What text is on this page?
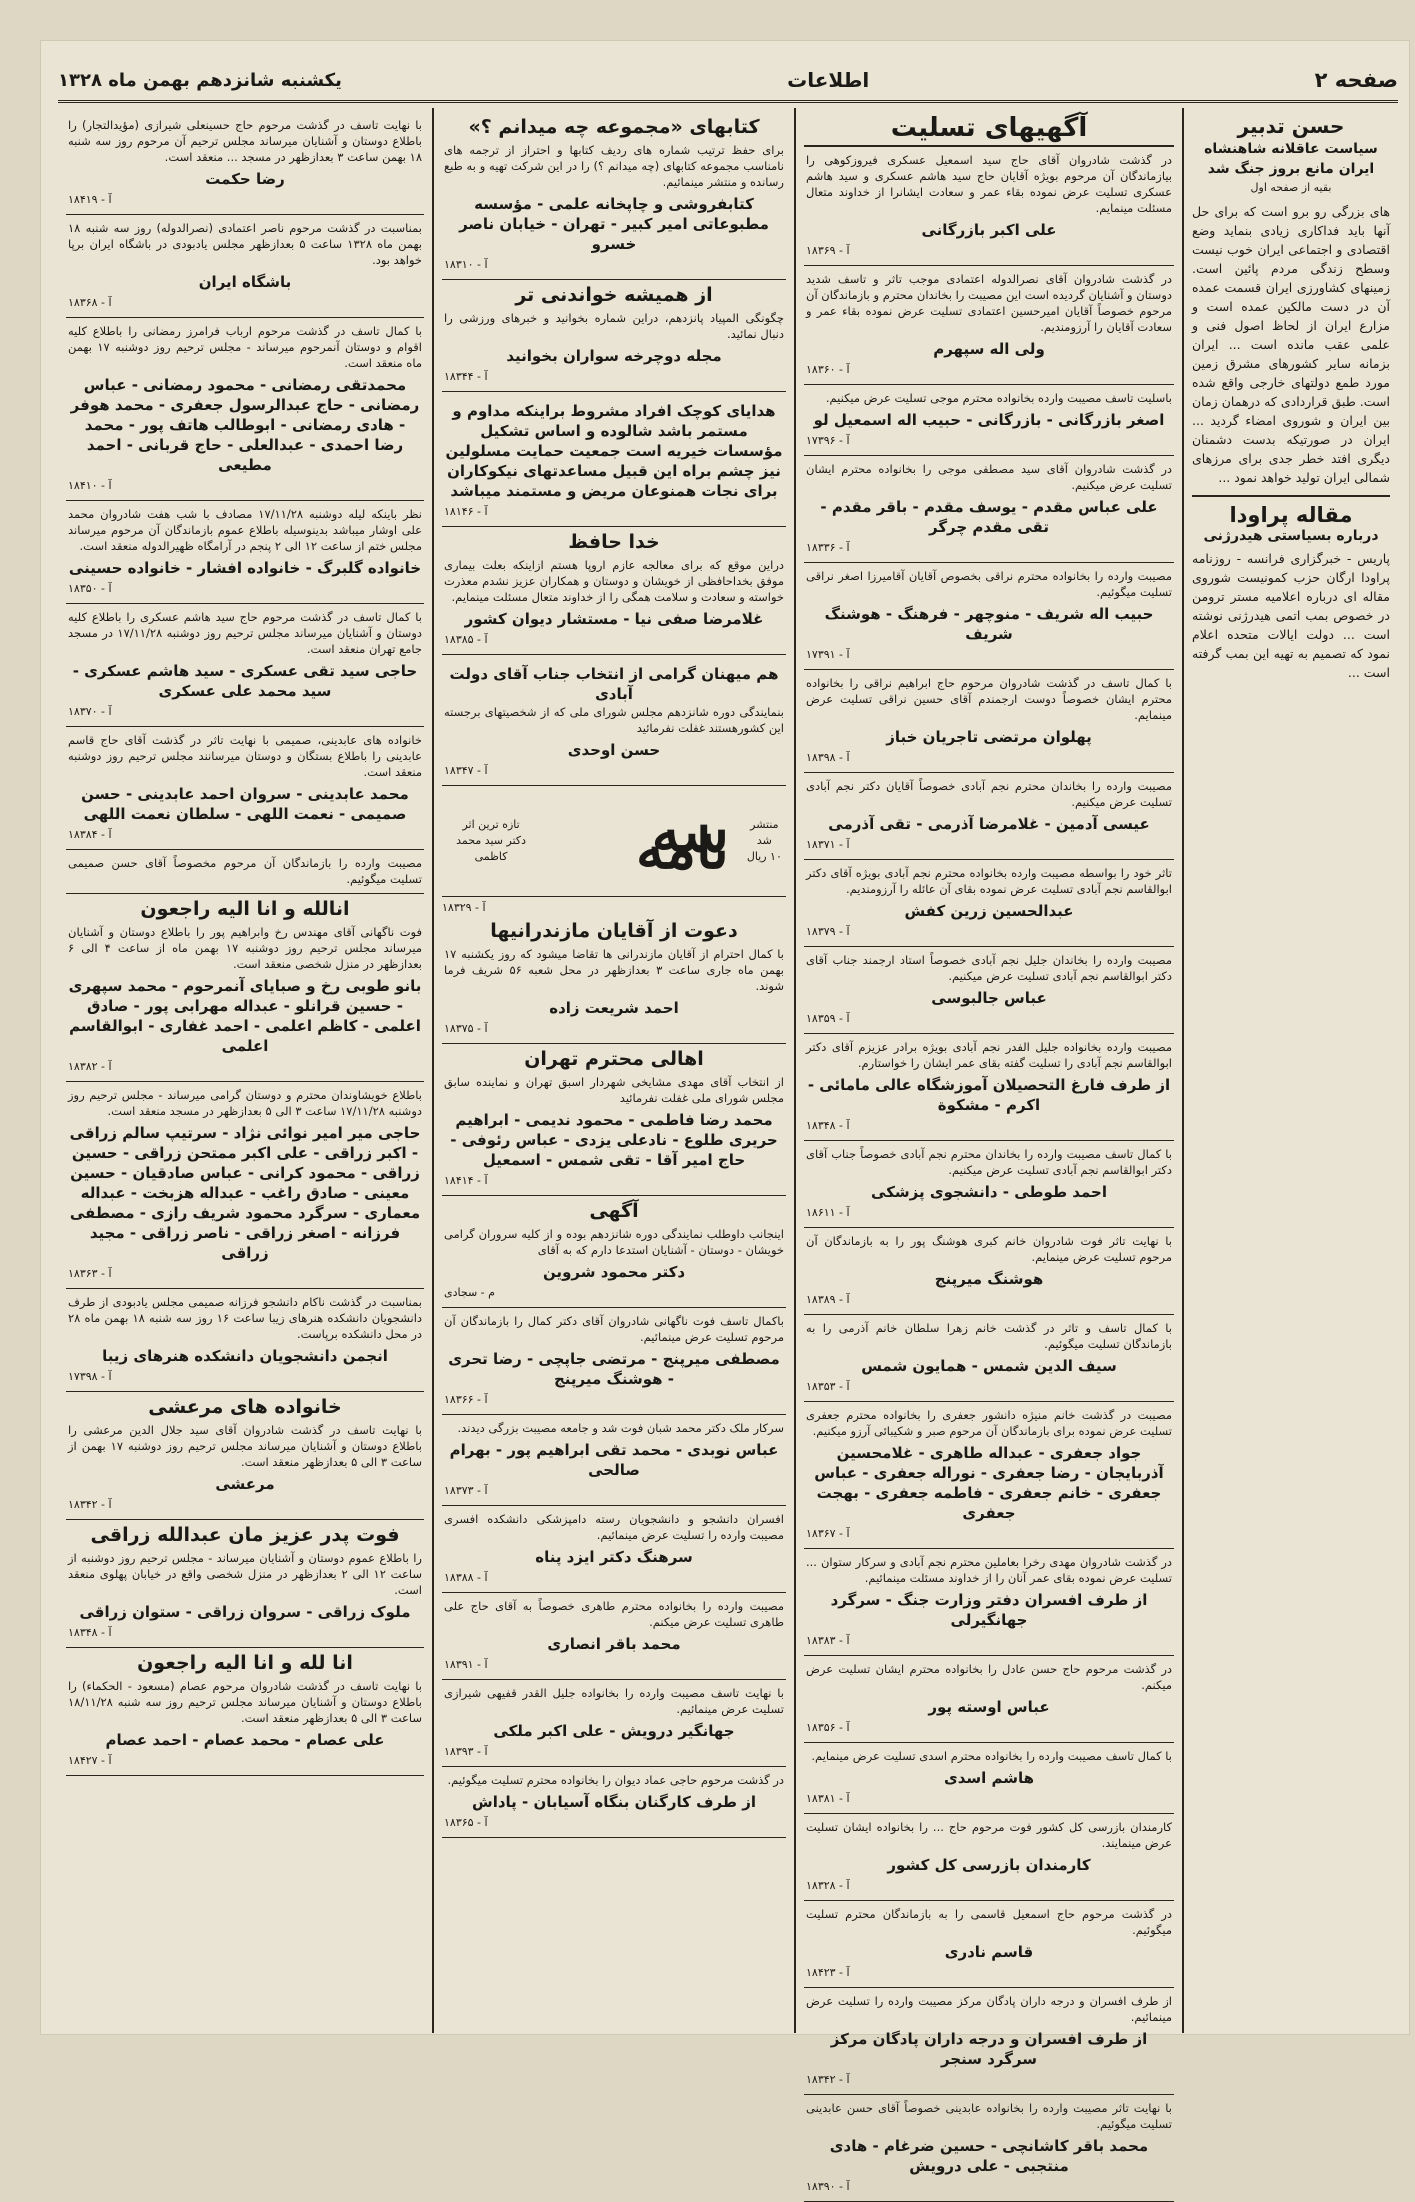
صفحه ۲
اطلاعات
یکشنبه شانزدهم بهمن ماه ۱۳۲۸
حسن تدبیر
سیاست عاقلانه شاهنشاه ایران مانع بروز جنگ شد
بقیه از صفحه اول
های بزرگی رو برو است که برای حل آنها باید فداکاری زیادی بنماید وضع اقتصادی و اجتماعی ایران خوب نیست وسطح زندگی مردم پائین است. زمینهای کشاورزی ایران قسمت عمده آن در دست مالکین عمده است و مزارع ایران از لحاظ اصول فنی و علمی عقب مانده است ... ایران بزمانه سایر کشورهای مشرق زمین مورد طمع دولتهای خارجی واقع شده است. طبق قراردادی که درهمان زمان بین ایران و شوروی امضاء گردید ... ایران در صورتیکه بدست دشمنان دیگری افتد خطر جدی برای مرزهای شمالی ایران تولید خواهد نمود ...
مقاله پراودا
درباره بسیاستی هیدرژنی
پاریس - خبرگزاری فرانسه - روزنامه پراودا ارگان حزب کمونیست شوروی مقاله ای درباره اعلامیه مستر ترومن در خصوص بمب اتمی هیدرژنی نوشته است ... دولت ایالات متحده اعلام نمود که تصمیم به تهیه این بمب گرفته است ...
آگهیهای تسلیت
در گذشت شادروان آقای حاج سید اسمعیل عسکری فیروزکوهی را بیازماندگان آن مرحوم بویژه آقایان حاج سید هاشم عسکری و سید هاشم عسکری تسلیت عرض نموده بقاء عمر و سعادت ایشانرا از خداوند متعال مسئلت مینمایم.
علی اکبر بازرگانی
آ - ۱۸۳۶۹
در گذشت شادروان آقای نصرالدوله اعتمادی موجب تاثر و تاسف شدید دوستان و آشنایان گردیده است این مصیبت را بخاندان محترم و بازماندگان آن مرحوم خصوصاً آقایان امیرحسین اعتمادی تسلیت عرض نموده بقاء عمر و سعادت آقایان را آرزومندیم.
ولی اله سپهرم
آ - ۱۸۳۶۰
باسلیت تاسف مصیبت وارده بخانواده محترم موجی تسلیت عرض میکنیم.
اصغر بازرگانی - بازرگانی - حبیب اله اسمعیل لو
آ - ۱۷۳۹۶
در گذشت شادروان آقای سید مصطفی موجی را بخانواده محترم ایشان تسلیت عرض میکنیم.
علی عباس مقدم - یوسف مقدم - باقر مقدم - تقی مقدم چرگر
آ - ۱۸۳۳۶
مصیبت وارده را بخانواده محترم نراقی بخصوص آقایان آقامیرزا اصغر نراقی تسلیت میگوئیم.
حبیب اله شریف - منوچهر - فرهنگ - هوشنگ شریف
آ - ۱۷۳۹۱
با کمال تاسف در گذشت شادروان مرحوم حاج ابراهیم نراقی را بخانواده محترم ایشان خصوصاً دوست ارجمندم آقای حسین نراقی تسلیت عرض مینمایم.
پهلوان مرتضی تاجریان خباز
آ - ۱۸۳۹۸
مصیبت وارده را بخاندان محترم نجم آبادی خصوصاً آقایان دکتر نجم آبادی تسلیت عرض میکنیم.
عیسی آدمین - غلامرضا آذرمی - تقی آذرمی
آ - ۱۸۳۷۱
تاثر خود را بواسطه مصیبت وارده بخانواده محترم نجم آبادی بویژه آقای دکتر ابوالقاسم نجم آبادی تسلیت عرض نموده بقای آن عائله را آرزومندیم.
عبدالحسین زرین کفش
آ - ۱۸۳۷۹
مصیبت وارده را بخاندان جلیل نجم آبادی خصوصاً استاد ارجمند جناب آقای دکتر ابوالقاسم نجم آبادی تسلیت عرض میکنیم.
عباس جالبوسی
آ - ۱۸۳۵۹
مصیبت وارده بخانواده جلیل الفدر نجم آبادی بویژه برادر عزیزم آقای دکتر ابوالقاسم نجم آبادی را تسلیت گفته بقای عمر ایشان را خواستارم.
از طرف فارغ التحصیلان آموزشگاه عالی مامائی - اکرم - مشکوة
آ - ۱۸۳۴۸
با کمال تاسف مصیبت وارده را بخاندان محترم نجم آبادی خصوصاً جناب آقای دکتر ابوالقاسم نجم آبادی تسلیت عرض میکنیم.
احمد طوطی - دانشجوی پزشکی
آ - ۱۸۶۱۱
با نهایت تاثر فوت شادروان خانم کبری هوشنگ پور را به بازماندگان آن مرحوم تسلیت عرض مینمایم.
هوشنگ میرپنج
آ - ۱۸۳۸۹
با کمال تاسف و تاثر در گذشت خانم زهرا سلطان خانم آذرمی را به بازماندگان تسلیت میگوئیم.
سیف الدین شمس - همایون شمس
آ - ۱۸۳۵۳
مصیبت در گذشت خانم منیژه دانشور جعفری را بخانواده محترم جعفری تسلیت عرض نموده برای بازماندگان آن مرحوم صبر و شکیبائی آرزو میکنیم.
جواد جعفری - عبداله طاهری - غلامحسین آذربایجان - رضا جعفری - نوراله جعفری - عباس جعفری - خانم جعفری - فاطمه جعفری - بهجت جعفری
آ - ۱۸۳۶۷
در گذشت شادروان مهدی رخرا بعاملین محترم نجم آبادی و سرکار ستوان ... تسلیت عرض نموده بقای عمر آنان را از خداوند مسئلت مینمائیم.
از طرف افسران دفتر وزارت جنگ - سرگرد جهانگیرلی
آ - ۱۸۳۸۳
در گذشت مرحوم حاج حسن عادل را بخانواده محترم ایشان تسلیت عرض میکنم.
عباس اوسته پور
آ - ۱۸۳۵۶
با کمال تاسف مصیبت وارده را بخانواده محترم اسدی تسلیت عرض مینمایم.
هاشم اسدی
آ - ۱۸۳۸۱
کارمندان بازرسی کل کشور فوت مرحوم حاج ... را بخانواده ایشان تسلیت عرض مینمایند.
کارمندان بازرسی کل کشور
آ - ۱۸۳۲۸
در گذشت مرحوم حاج اسمعیل قاسمی را به بازماندگان محترم تسلیت میگوئیم.
قاسم نادری
آ - ۱۸۴۲۳
از طرف افسران و درجه داران پادگان مرکز مصیبت وارده را تسلیت عرض مینمائیم.
از طرف افسران و درجه داران پادگان مرکز سرگرد سنجر
آ - ۱۸۳۴۲
با نهایت تاثر مصیبت وارده را بخانواده عابدینی خصوصاً آقای حسن عابدینی تسلیت میگوئیم.
محمد باقر کاشانچی - حسین ضرغام - هادی منتجبی - علی درویش
آ - ۱۸۳۹۰
کتابهای «مجموعه چه میدانم ؟»
برای حفظ ترتیب شماره های ردیف کتابها و احتراز از ترجمه های نامناسب مجموعه کتابهای (چه میدانم ؟) را در این شرکت تهیه و به طبع رسانده و منتشر مینمائیم.
کتابفروشی و چاپخانه علمی - مؤسسه مطبوعاتی امیر کبیر - تهران - خیابان ناصر خسرو
آ - ۱۸۳۱۰
از همیشه خواندنی تر
چگونگی المپیاد پانزدهم، دراین شماره بخوانید و خبرهای ورزشی را دنبال نمائید.
مجله دوچرخه سواران بخوانید
آ - ۱۸۳۴۴
هدایای کوچک افراد مشروط براینکه مداوم و مستمر باشد شالوده و اساس تشکیل مؤسسات خیریه است جمعیت حمایت مسلولین نیز چشم براه این قبیل مساعدتهای نیکوکاران برای نجات همنوعان مریض و مستمند میباشد
آ - ۱۸۱۴۶
خدا حافظ
دراین موقع که برای معالجه عازم اروپا هستم ازاینکه بعلت بیماری موفق بخداحافظی از خویشان و دوستان و همکاران عزیز نشدم معذرت خواسته و سعادت و سلامت همگی را از خداوند متعال مسئلت مینمایم.
غلامرضا صفی نیا - مستشار دیوان کشور
آ - ۱۸۳۸۵
هم میهنان گرامی از انتخاب جناب آقای دولت آبادی
بنمایندگی دوره شانزدهم مجلس شورای ملی که از شخصیتهای برجسته این کشورهستند غفلت نفرمائید
حسن اوحدی
آ - ۱۸۳۴۷
منتشر شد
۱۰ ریال
سه نامه
تازه ترین اثر
دکتر سید محمد کاظمی
آ - ۱۸۳۲۹
دعوت از آقایان مازندرانیها
با کمال احترام از آقایان مازندرانی ها تقاضا میشود که روز یکشنبه ۱۷ بهمن ماه جاری ساعت ۳ بعدازظهر در محل شعبه ۵۶ شریف فرما شوند.
احمد شریعت زاده
آ - ۱۸۳۷۵
اهالی محترم تهران
از انتخاب آقای مهدی مشایخی شهردار اسبق تهران و نماینده سابق مجلس شورای ملی غفلت نفرمائید
محمد رضا فاطمی - محمود ندیمی - ابراهیم حریری طلوع - نادعلی یزدی - عباس رئوفی - حاج امیر آقا - تقی شمس - اسمعیل
آ - ۱۸۴۱۴
آگهی
اینجانب داوطلب نمایندگی دوره شانزدهم بوده و از کلیه سروران گرامی خویشان - دوستان - آشنایان استدعا دارم که به آقای
دکتر محمود شروین
م - سجادی
باکمال تاسف فوت ناگهانی شادروان آقای دکتر کمال را بازماندگان آن مرحوم تسلیت عرض مینمائیم.
مصطفی میرپنج - مرتضی جاپچی - رضا تحری - هوشنگ میرپنج
آ - ۱۸۳۶۶
سرکار ملک دکتر محمد شبان فوت شد و جامعه مصیبت بزرگی دیدند.
عباس نوبدی - محمد تقی ابراهیم پور - بهرام صالحی
آ - ۱۸۳۷۳
افسران دانشجو و دانشجویان رسته دامپزشکی دانشکده افسری مصیبت وارده را تسلیت عرض مینمائیم.
سرهنگ دکتر ایزد پناه
آ - ۱۸۳۸۸
مصیبت وارده را بخانواده محترم طاهری خصوصاً به آقای حاج علی طاهری تسلیت عرض میکنم.
محمد باقر انصاری
آ - ۱۸۳۹۱
با نهایت تاسف مصیبت وارده را بخانواده جلیل القدر قفیهی شیرازی تسلیت عرض مینمائیم.
جهانگیر درویش - علی اکبر ملکی
آ - ۱۸۳۹۳
در گذشت مرحوم حاجی عماد دیوان را بخانواده محترم تسلیت میگوئیم.
از طرف کارگنان بنگاه آسیابان - پاداش
آ - ۱۸۳۶۵
با نهایت تاسف در گذشت مرحوم حاج حسینعلی شیرازی (مؤیدالتجار) را باطلاع دوستان و آشنایان میرساند مجلس ترحیم آن مرحوم روز سه شنبه ۱۸ بهمن ساعت ۳ بعدازظهر در مسجد ... منعقد است.
رضا حکمت
آ - ۱۸۴۱۹
بمناسبت در گذشت مرحوم ناصر اعتمادی (نصرالدوله) روز سه شنبه ۱۸ بهمن ماه ۱۳۲۸ ساعت ۵ بعدازظهر مجلس یادبودی در باشگاه ایران برپا خواهد بود.
باشگاه ایران
آ - ۱۸۳۶۸
با کمال تاسف در گذشت مرحوم ارباب فرامرز رمضانی را باطلاع کلیه اقوام و دوستان آنمرحوم میرساند - مجلس ترحیم روز دوشنبه ۱۷ بهمن ماه منعقد است.
محمدتقی رمضانی - محمود رمضانی - عباس رمضانی - حاج عبدالرسول جعفری - محمد هوفر - هادی رمضانی - ابوطالب هاتف پور - محمد رضا احمدی - عبدالعلی - حاج قربانی - احمد مطیعی
آ - ۱۸۴۱۰
نظر باینکه لیله دوشنبه ۱۷/۱۱/۲۸ مصادف با شب هفت شادروان محمد علی اوشار میباشد بدینوسیله باطلاع عموم بازماندگان آن مرحوم میرساند مجلس ختم از ساعت ۱۲ الی ۲ پنجم در آرامگاه ظهیرالدوله منعقد است.
خانواده گلبرگ - خانواده افشار - خانواده حسینی
آ - ۱۸۳۵۰
با کمال تاسف در گذشت مرحوم حاج سید هاشم عسکری را باطلاع کلیه دوستان و آشنایان میرساند مجلس ترحیم روز دوشنبه ۱۷/۱۱/۲۸ در مسجد جامع تهران منعقد است.
حاجی سید تقی عسکری - سید هاشم عسکری - سید محمد علی عسکری
آ - ۱۸۳۷۰
خانواده های عابدینی، صمیمی با نهایت تاثر در گذشت آقای حاج قاسم عابدینی را باطلاع بستگان و دوستان میرسانند مجلس ترحیم روز دوشنبه منعقد است.
محمد عابدینی - سروان احمد عابدینی - حسن صمیمی - نعمت اللهی - سلطان نعمت اللهی
آ - ۱۸۳۸۴
مصیبت وارده را بازماندگان آن مرحوم مخصوصاً آقای حسن صمیمی تسلیت میگوئیم.
انالله و انا الیه راجعون
فوت ناگهانی آقای مهندس رخ وابراهیم پور را باطلاع دوستان و آشنایان میرساند مجلس ترحیم روز دوشنبه ۱۷ بهمن ماه از ساعت ۴ الی ۶ بعدازظهر در منزل شخصی منعقد است.
بانو طوبی رخ و صبایای آنمرحوم - محمد سپهری - حسین قرانلو - عبداله مهرابی پور - صادق اعلمی - کاظم اعلمی - احمد غفاری - ابوالقاسم اعلمی
آ - ۱۸۳۸۲
باطلاع خویشاوندان محترم و دوستان گرامی میرساند - مجلس ترحیم روز دوشنبه ۱۷/۱۱/۲۸ ساعت ۳ الی ۵ بعدازظهر در مسجد منعقد است.
حاجی میر امیر نوائی نژاد - سرتیپ سالم زراقی - اکبر زراقی - علی اکبر ممتحن زراقی - حسین زراقی - محمود کرانی - عباس صادقیان - حسین معینی - صادق راغب - عبداله هزبخت - عبداله معماری - سرگرد محمود شریف رازی - مصطفی فرزانه - اصغر زراقی - ناصر زراقی - مجید زراقی
آ - ۱۸۳۶۳
بمناسبت در گذشت ناکام دانشجو فرزانه صمیمی مجلس یادبودی از طرف دانشجویان دانشکده هنرهای زیبا ساعت ۱۶ روز سه شنبه ۱۸ بهمن ماه ۲۸ در محل دانشکده برپاست.
انجمن دانشجویان دانشکده هنرهای زیبا
آ - ۱۷۳۹۸
خانواده های مرعشی
با نهایت تاسف در گذشت شادروان آقای سید جلال الدین مرعشی را باطلاع دوستان و آشنایان میرساند مجلس ترحیم روز دوشنبه ۱۷ بهمن از ساعت ۳ الی ۵ بعدازظهر منعقد است.
مرعشی
آ - ۱۸۳۴۲
فوت پدر عزیز مان عبدالله زراقی
را باطلاع عموم دوستان و آشنایان میرساند - مجلس ترحیم روز دوشنبه از ساعت ۱۲ الی ۲ بعدازظهر در منزل شخصی واقع در خیابان پهلوی منعقد است.
ملوک زراقی - سروان زراقی - ستوان زراقی
آ - ۱۸۳۴۸
انا لله و انا الیه راجعون
با نهایت تاسف در گذشت شادروان مرحوم عصام (مسعود - الحکماء) را باطلاع دوستان و آشنایان میرساند مجلس ترحیم روز سه شنبه ۱۸/۱۱/۲۸ ساعت ۳ الی ۵ بعدازظهر منعقد است.
علی عصام - محمد عصام - احمد عصام
آ - ۱۸۴۲۷
